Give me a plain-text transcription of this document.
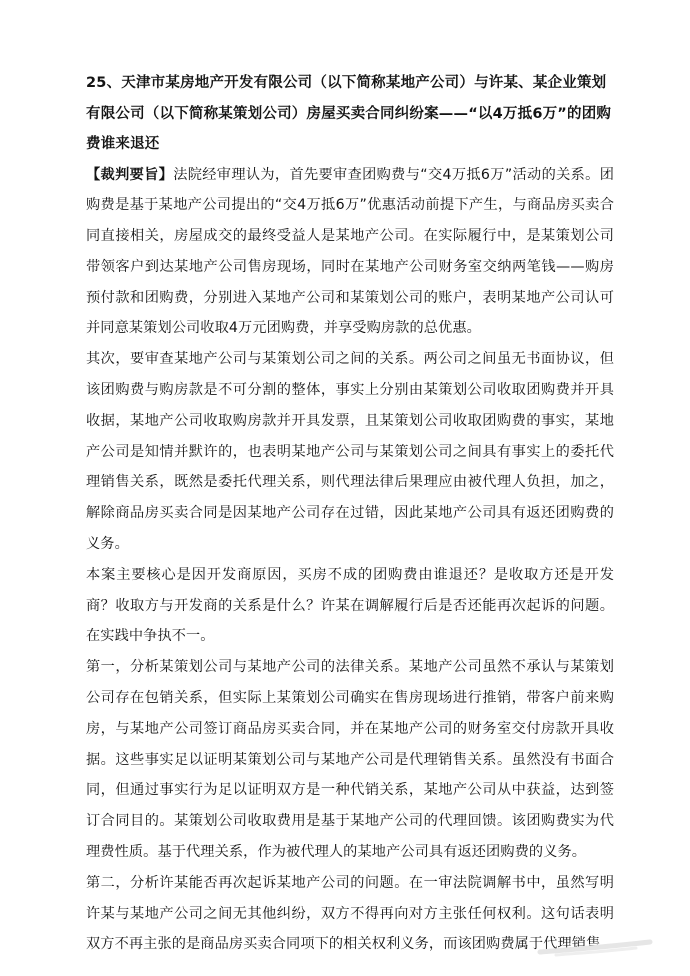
25、天津市某房地产开发有限公司（以下简称某地产公司）与许某、某企业策划有限公司（以下简称某策划公司）房屋买卖合同纠纷案——“以4万抵6万”的团购费谁来退还

【裁判要旨】法院经审理认为，首先要审查团购费与“交4万抵6万”活动的关系。团购费是基于某地产公司提出的“交4万抵6万”优惠活动前提下产生，与商品房买卖合同直接相关，房屋成交的最终受益人是某地产公司。在实际履行中，是某策划公司带领客户到达某地产公司售房现场，同时在某地产公司财务室交纳两笔钱——购房预付款和团购费，分别进入某地产公司和某策划公司的账户，表明某地产公司认可并同意某策划公司收取4万元团购费，并享受购房款的总优惠。

其次，要审查某地产公司与某策划公司之间的关系。两公司之间虽无书面协议，但该团购费与购房款是不可分割的整体，事实上分别由某策划公司收取团购费并开具收据，某地产公司收取购房款并开具发票，且某策划公司收取团购费的事实，某地产公司是知情并默许的，也表明某地产公司与某策划公司之间具有事实上的委托代理销售关系，既然是委托代理关系，则代理法律后果理应由被代理人负担，加之，解除商品房买卖合同是因某地产公司存在过错，因此某地产公司具有返还团购费的义务。

本案主要核心是因开发商原因，买房不成的团购费由谁退还？是收取方还是开发商？收取方与开发商的关系是什么？许某在调解履行后是否还能再次起诉的问题。在实践中争执不一。

第一，分析某策划公司与某地产公司的法律关系。某地产公司虽然不承认与某策划公司存在包销关系，但实际上某策划公司确实在售房现场进行推销，带客户前来购房，与某地产公司签订商品房买卖合同，并在某地产公司的财务室交付房款开具收据。这些事实足以证明某策划公司与某地产公司是代理销售关系。虽然没有书面合同，但通过事实行为足以证明双方是一种代销关系，某地产公司从中获益，达到签订合同目的。某策划公司收取费用是基于某地产公司的代理回馈。该团购费实为代理费性质。基于代理关系，作为被代理人的某地产公司具有返还团购费的义务。

第二，分析许某能否再次起诉某地产公司的问题。在一审法院调解书中，虽然写明许某与某地产公司之间无其他纠纷，双方不得再向对方主张任何权利。这句话表明双方不再主张的是商品房买卖合同项下的相关权利义务，而该团购费属于代理销售
